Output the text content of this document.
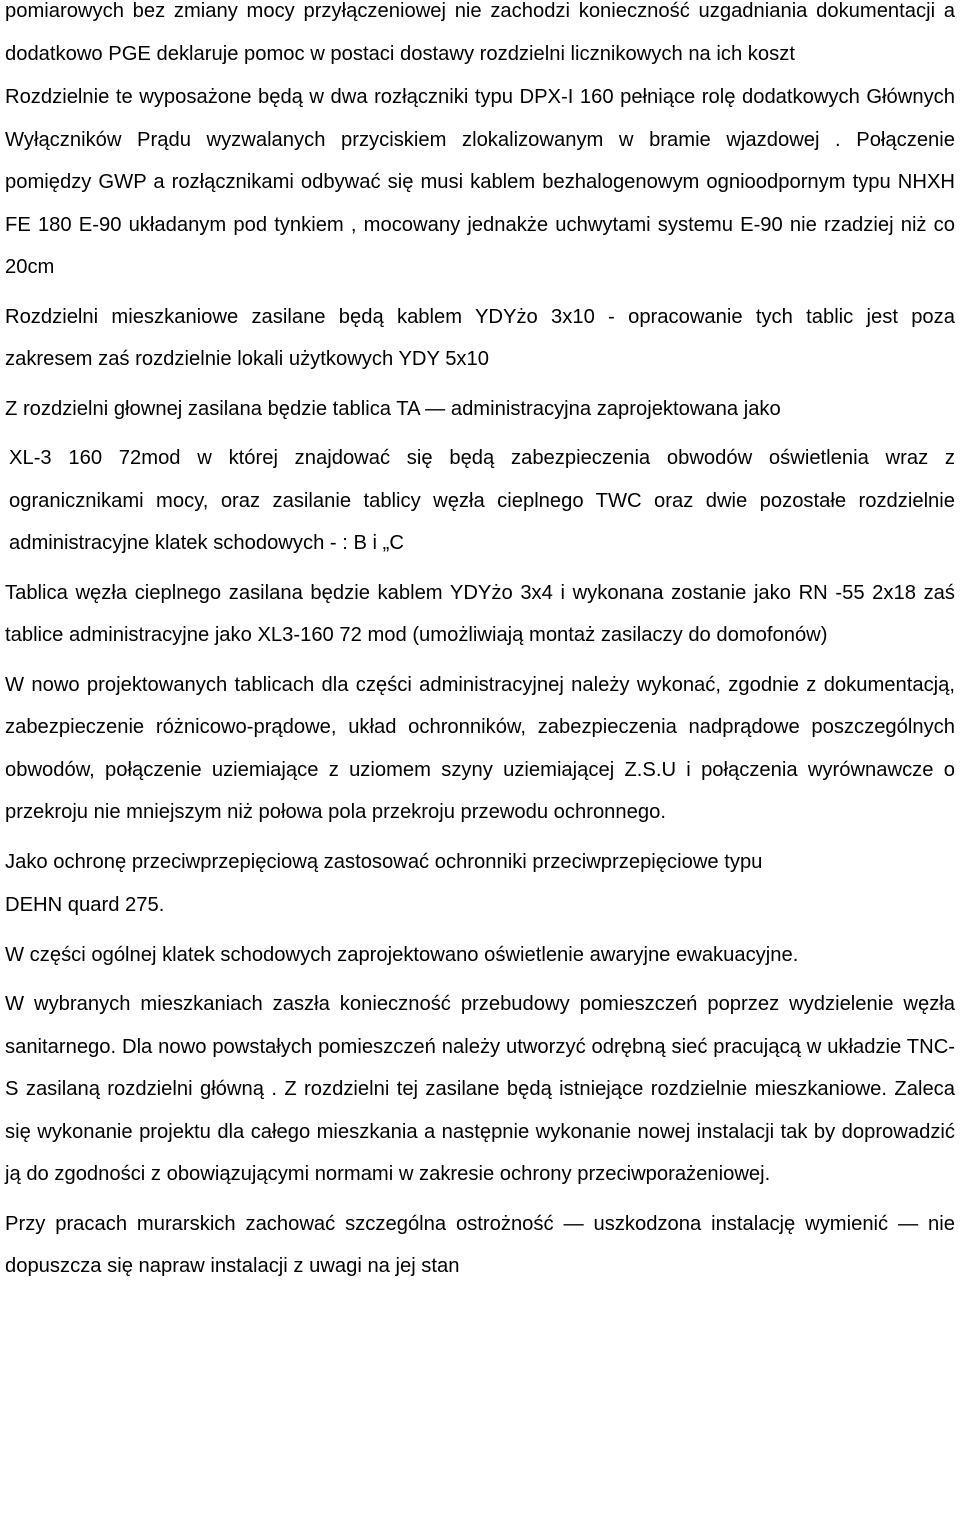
pomiarowych bez zmiany mocy przyłączeniowej nie zachodzi konieczność uzgadniania dokumentacji a dodatkowo PGE deklaruje pomoc w postaci dostawy rozdzielni licznikowych na ich koszt

Rozdzielnie te wyposażone będą w dwa rozłączniki typu DPX-I 160 pełniące rolę dodatkowych Głównych Wyłączników Prądu wyzwalanych przyciskiem zlokalizowanym w bramie wjazdowej . Połączenie pomiędzy GWP a rozłącznikami odbywać się musi kablem bezhalogenowym ognioodpornym typu NHXH FE 180 E-90 układanym pod tynkiem , mocowany jednakże uchwytami systemu E-90 nie rzadziej niż co 20cm

Rozdzielni mieszkaniowe zasilane będą kablem YDYżo 3x10 - opracowanie tych tablic jest poza zakresem zaś rozdzielnie lokali użytkowych YDY 5x10

Z rozdzielni głownej zasilana będzie tablica TA — administracyjna zaprojektowana jako

XL-3 160 72mod w której znajdować się będą zabezpieczenia obwodów oświetlenia wraz z ogranicznikami mocy, oraz zasilanie tablicy węzła cieplnego TWC oraz dwie pozostałe rozdzielnie administracyjne klatek schodowych - : B i „C

Tablica węzła cieplnego zasilana będzie kablem YDYżo 3x4 i wykonana zostanie jako RN -55 2x18 zaś tablice administracyjne jako XL3-160 72 mod (umożliwiają montaż zasilaczy do domofonów)

W nowo projektowanych tablicach dla części administracyjnej należy wykonać, zgodnie z dokumentacją, zabezpieczenie różnicowo-prądowe, układ ochronników, zabezpieczenia nadprądowe poszczególnych obwodów, połączenie uziemiające z uziomem szyny uziemiającej Z.S.U i połączenia wyrównawcze o przekroju nie mniejszym niż połowa pola przekroju przewodu ochronnego.

Jako ochronę przeciwprzepięciową zastosować ochronniki przeciwprzepięciowe typu

DEHN quard 275.

W części ogólnej klatek schodowych zaprojektowano oświetlenie awaryjne ewakuacyjne.

W wybranych mieszkaniach zaszła konieczność przebudowy pomieszczeń poprzez wydzielenie węzła sanitarnego. Dla nowo powstałych pomieszczeń należy utworzyć odrębną sieć pracującą w układzie TNC-S zasilaną rozdzielni główną . Z rozdzielni tej zasilane będą istniejące rozdzielnie mieszkaniowe. Zaleca się wykonanie projektu dla całego mieszkania a następnie wykonanie nowej instalacji tak by doprowadzić ją do zgodności z obowiązującymi normami w zakresie ochrony przeciwporażeniowej.

Przy pracach murarskich zachować szczególna ostrożność — uszkodzona instalację wymienić — nie dopuszcza się napraw instalacji z uwagi na jej stan
